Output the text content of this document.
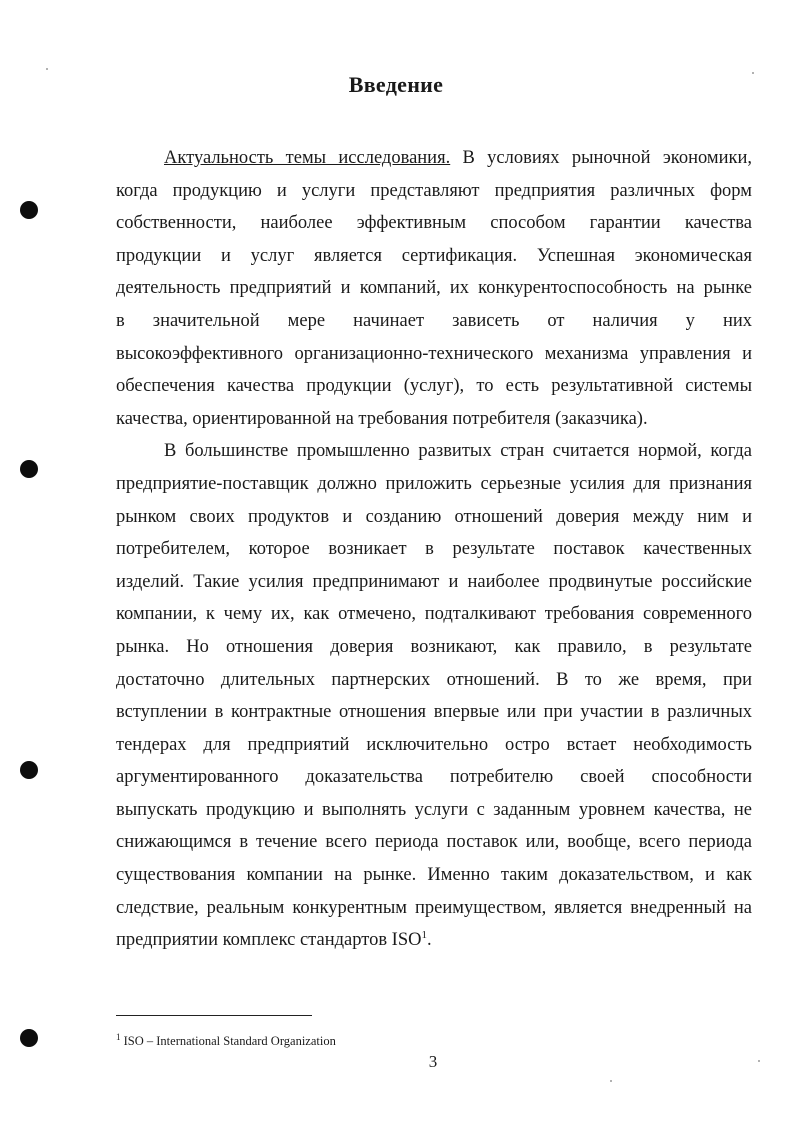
Введение
Актуальность темы исследования. В условиях рыночной экономики,
когда продукцию и услуги представляют предприятия различных форм
собственности, наиболее эффективным способом гарантии качества
продукции и услуг является сертификация. Успешная экономическая
деятельность предприятий и компаний, их конкурентоспособность на рынке
в значительной мере начинает зависеть от наличия у них
высокоэффективного организационно-технического механизма управления и
обеспечения качества продукции (услуг), то есть результативной системы
качества, ориентированной на требования потребителя (заказчика).
В большинстве промышленно развитых стран считается нормой, когда
предприятие-поставщик должно приложить серьезные усилия для признания
рынком своих продуктов и созданию отношений доверия между ним и
потребителем, которое возникает в результате поставок качественных
изделий. Такие усилия предпринимают и наиболее продвинутые российские
компании, к чему их, как отмечено, подталкивают требования современного
рынка. Но отношения доверия возникают, как правило, в результате
достаточно длительных партнерских отношений. В то же время, при
вступлении в контрактные отношения впервые или при участии в различных
тендерах для предприятий исключительно остро встает необходимость
аргументированного доказательства потребителю своей способности
выпускать продукцию и выполнять услуги с заданным уровнем качества, не
снижающимся в течение всего периода поставок или, вообще, всего периода
существования компании на рынке. Именно таким доказательством, и как
следствие, реальным конкурентным преимуществом, является внедренный на
предприятии комплекс стандартов ISO$^1$.
$^1$ ISO – International Standard Organization
3
